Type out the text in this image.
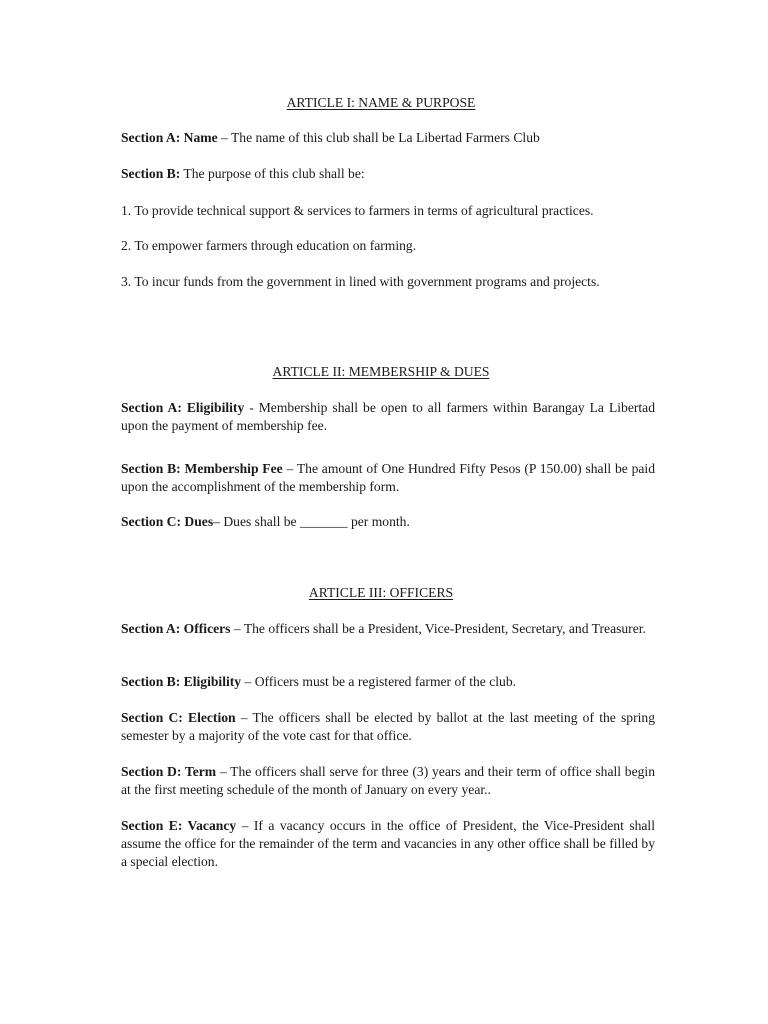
ARTICLE I: NAME & PURPOSE

Section A: Name – The name of this club shall be La Libertad Farmers Club

Section B: The purpose of this club shall be:

1. To provide technical support & services to farmers in terms of agricultural practices.

2. To empower farmers through education on farming.

3. To incur funds from the government in lined with government programs and projects.

ARTICLE II: MEMBERSHIP & DUES

Section A: Eligibility - Membership shall be open to all farmers within Barangay La Libertad upon the payment of membership fee.

Section B: Membership Fee – The amount of One Hundred Fifty Pesos (P 150.00) shall be paid upon the accomplishment of the membership form.

Section C: Dues– Dues shall be _______ per month.

ARTICLE III: OFFICERS

Section A: Officers – The officers shall be a President, Vice-President, Secretary, and Treasurer.

Section B: Eligibility – Officers must be a registered farmer of the club.

Section C: Election – The officers shall be elected by ballot at the last meeting of the spring semester by a majority of the vote cast for that office.

Section D: Term – The officers shall serve for three (3) years and their term of office shall begin at the first meeting schedule of the month of January on every year..

Section E: Vacancy – If a vacancy occurs in the office of President, the Vice-President shall assume the office for the remainder of the term and vacancies in any other office shall be filled by a special election.
